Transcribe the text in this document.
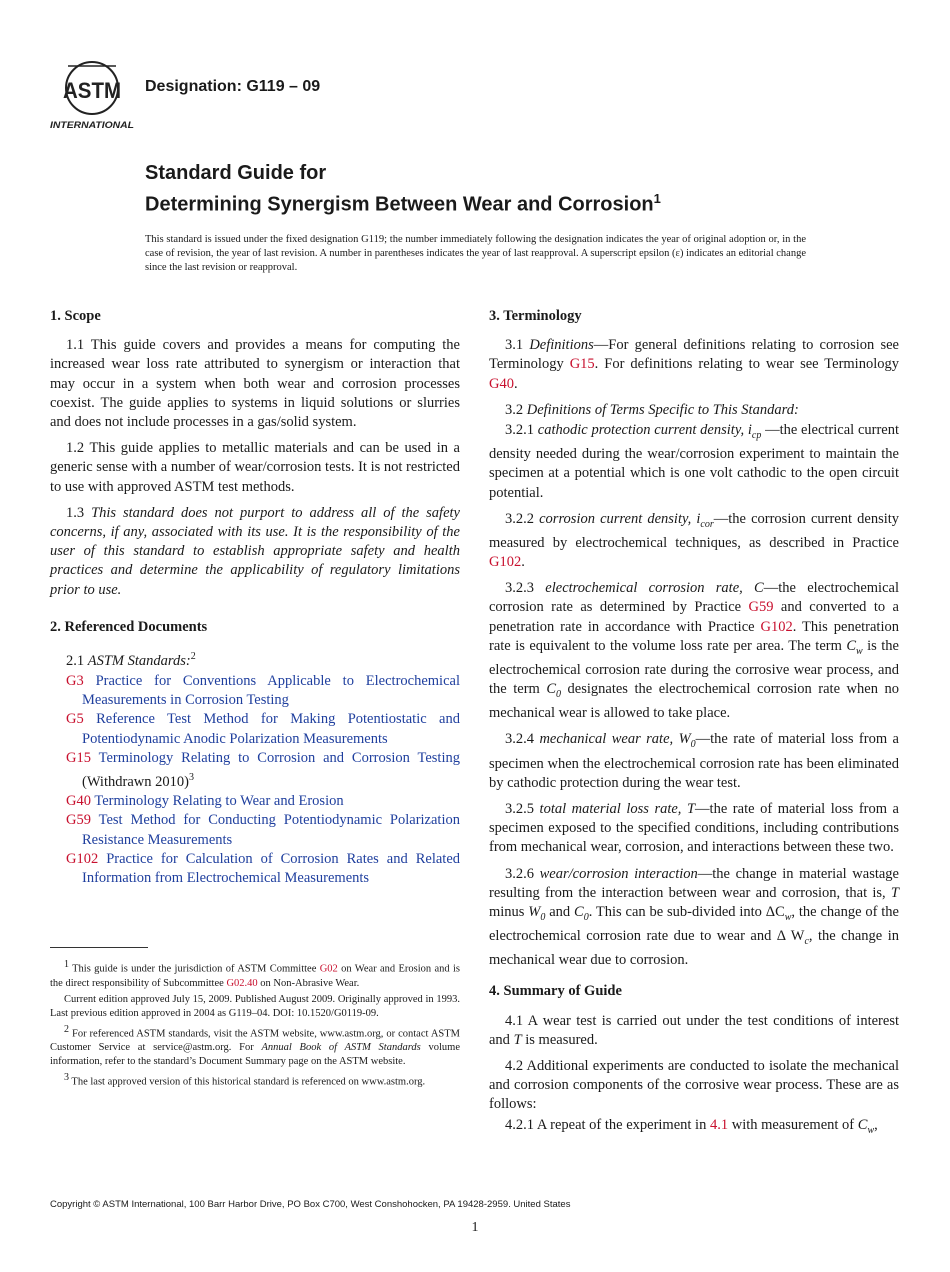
ASTM
INTERNATIONAL
Designation: G119 – 09
Standard Guide for
Determining Synergism Between Wear and Corrosion$^1$
This standard is issued under the fixed designation G119; the number immediately following the designation indicates the year of original adoption or, in the case of revision, the year of last revision. A number in parentheses indicates the year of last reapproval. A superscript epsilon (ε) indicates an editorial change since the last revision or reapproval.
1. Scope

1.1 This guide covers and provides a means for computing the increased wear loss rate attributed to synergism or interaction that may occur in a system when both wear and corrosion processes coexist. The guide applies to systems in liquid solutions or slurries and does not include processes in a gas/solid system.

1.2 This guide applies to metallic materials and can be used in a generic sense with a number of wear/corrosion tests. It is not restricted to use with approved ASTM test methods.

1.3 This standard does not purport to address all of the safety concerns, if any, associated with its use. It is the responsibility of the user of this standard to establish appropriate safety and health practices and determine the applicability of regulatory limitations prior to use.

2. Referenced Documents

2.1 ASTM Standards:$^2$

G3 Practice for Conventions Applicable to Electrochemical Measurements in Corrosion Testing
G5 Reference Test Method for Making Potentiostatic and Potentiodynamic Anodic Polarization Measurements
G15 Terminology Relating to Corrosion and Corrosion Testing (Withdrawn 2010)$^3$
G40 Terminology Relating to Wear and Erosion
G59 Test Method for Conducting Potentiodynamic Polarization Resistance Measurements
G102 Practice for Calculation of Corrosion Rates and Related Information from Electrochemical Measurements

$^1$ This guide is under the jurisdiction of ASTM Committee G02 on Wear and Erosion and is the direct responsibility of Subcommittee G02.40 on Non-Abrasive Wear.

Current edition approved July 15, 2009. Published August 2009. Originally approved in 1993. Last previous edition approved in 2004 as G119–04. DOI: 10.1520/G0119-09.

$^2$ For referenced ASTM standards, visit the ASTM website, www.astm.org, or contact ASTM Customer Service at service@astm.org. For Annual Book of ASTM Standards volume information, refer to the standard’s Document Summary page on the ASTM website.

$^3$ The last approved version of this historical standard is referenced on www.astm.org.

3. Terminology

3.1 Definitions—For general definitions relating to corrosion see Terminology G15. For definitions relating to wear see Terminology G40.

3.2 Definitions of Terms Specific to This Standard:

3.2.1 cathodic protection current density, $i_{cp}$ —the electrical current density needed during the wear/corrosion experiment to maintain the specimen at a potential which is one volt cathodic to the open circuit potential.

3.2.2 corrosion current density, $i_{cor}—the$ corrosion current density measured by electrochemical techniques, as described in Practice G102.

3.2.3 electrochemical corrosion rate, C—the electrochemical corrosion rate as determined by Practice G59 and converted to a penetration rate in accordance with Practice G102. This penetration rate is equivalent to the volume loss rate per area. The term $C_w$ is the electrochemical corrosion rate during the corrosive wear process, and the term $C_0$ designates the electrochemical corrosion rate when no mechanical wear is allowed to take place.

3.2.4 mechanical wear rate, $W_0—the$ rate of material loss from a specimen when the electrochemical corrosion rate has been eliminated by cathodic protection during the wear test.

3.2.5 total material loss rate, T—the rate of material loss from a specimen exposed to the specified conditions, including contributions from mechanical wear, corrosion, and interactions between these two.

3.2.6 wear/corrosion interaction—the change in material wastage resulting from the interaction between wear and corrosion, that is, T minus $W_0$ and $C_0$. This can be sub-divided into $\Delta C_w$, the change of the electrochemical corrosion rate due to wear and Δ $W_c$, the change in mechanical wear due to corrosion.

4. Summary of Guide

4.1 A wear test is carried out under the test conditions of interest and T is measured.

4.2 Additional experiments are conducted to isolate the mechanical and corrosion components of the corrosive wear process. These are as follows:

4.2.1 A repeat of the experiment in 4.1 with measurement of $C_w$,

Copyright © ASTM International, 100 Barr Harbor Drive, PO Box C700, West Conshohocken, PA 19428-2959. United States
1
